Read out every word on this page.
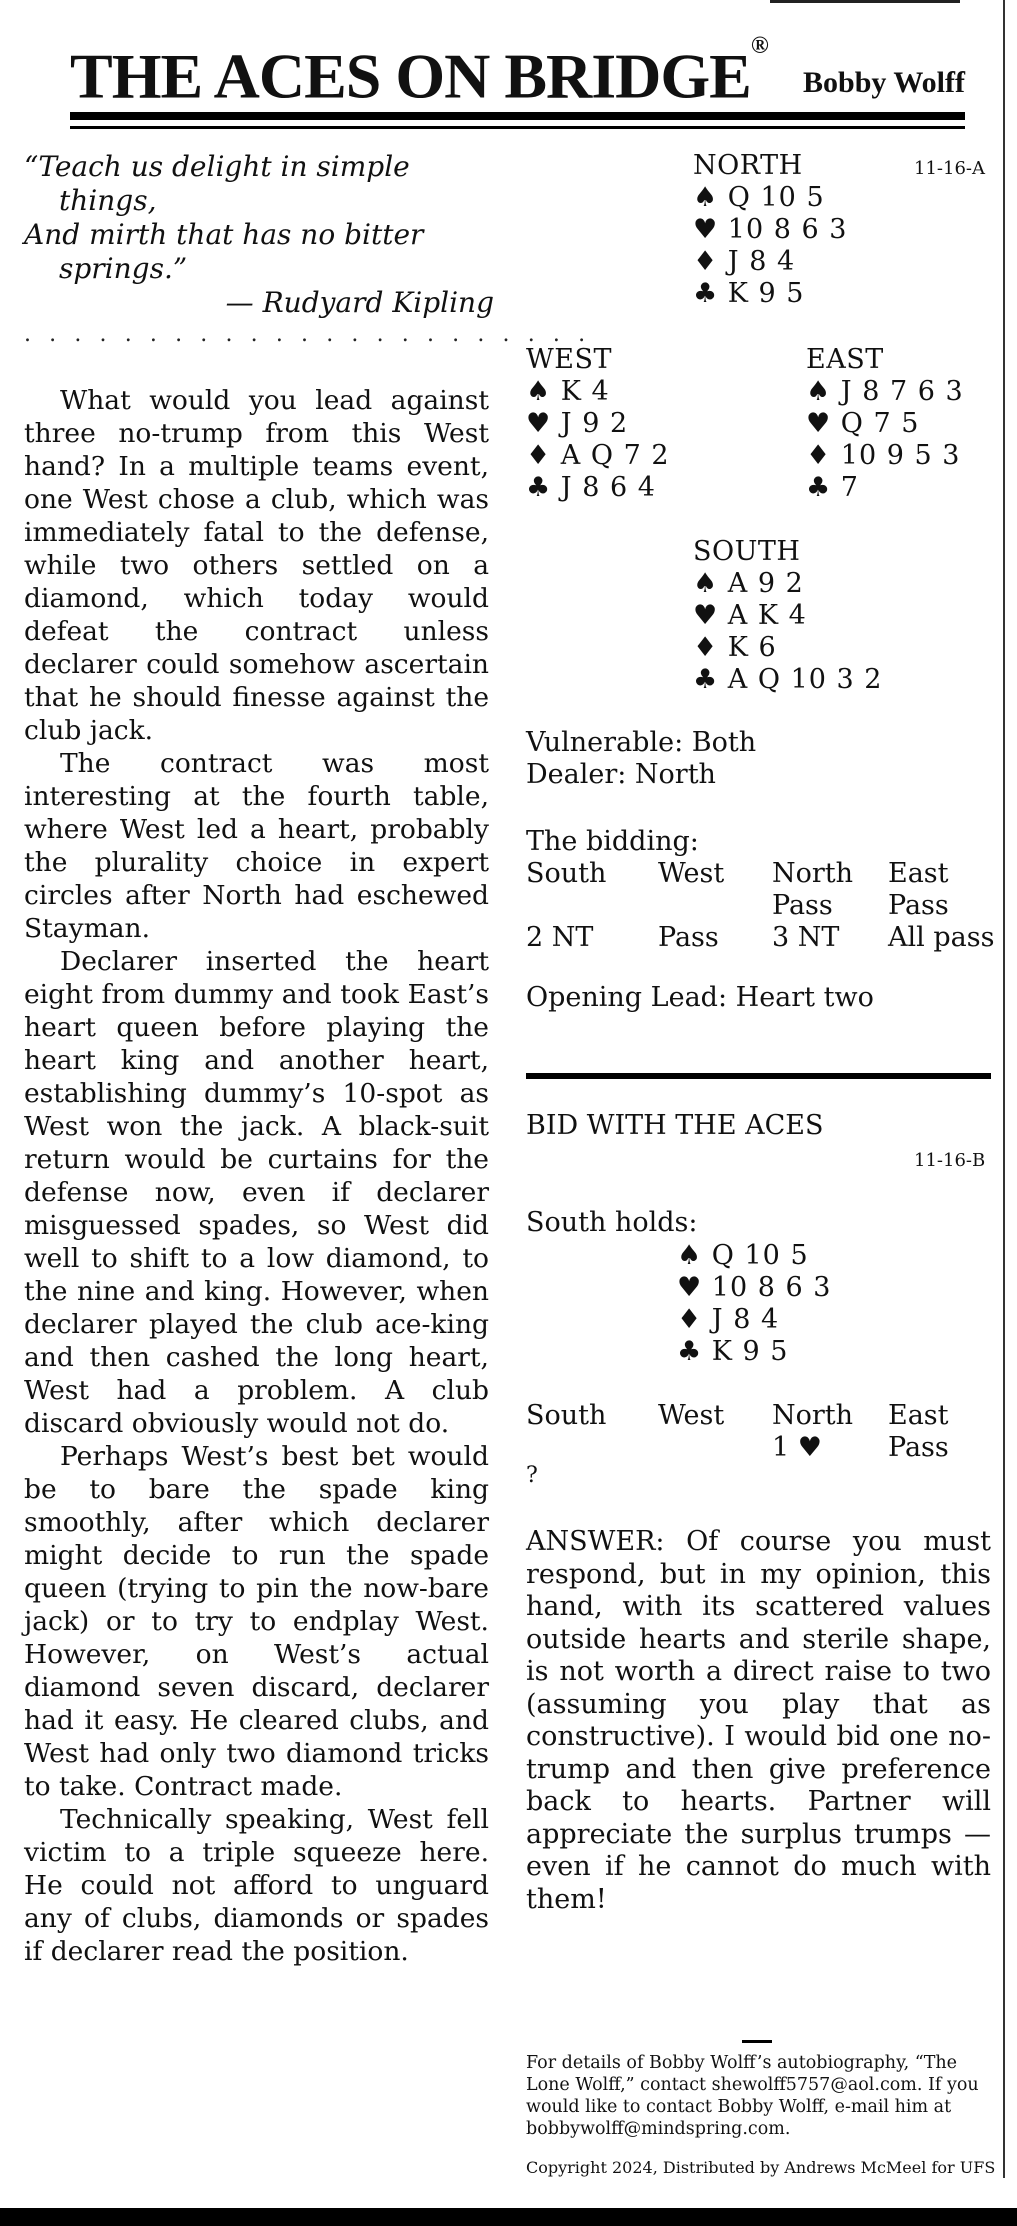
THE ACES ON BRIDGE®
Bobby Wolff
“Teach us delight in simple
things,
And mirth that has no bitter
springs.”
— Rudyard Kipling
. . . . . . . . . . . . . . . . . . . . . . .

What would you lead against three no-trump from this West hand? In a multiple teams event, one West chose a club, which was immediately fatal to the defense, while two others settled on a diamond, which today would defeat the contract unless declarer could somehow ascertain that he should finesse against the club jack.

The contract was most interesting at the fourth table, where West led a heart, probably the plurality choice in expert circles after North had eschewed Stayman.

Declarer inserted the heart eight from dummy and took East’s heart queen before playing the heart king and another heart, establishing dummy’s 10-spot as West won the jack. A black-suit return would be curtains for the defense now, even if declarer misguessed spades, so West did well to shift to a low diamond, to the nine and king. However, when declarer played the club ace-king and then cashed the long heart, West had a problem. A club discard obviously would not do.

Perhaps West’s best bet would be to bare the spade king smoothly, after which declarer might decide to run the spade queen (trying to pin the now-bare jack) or to try to endplay West. However, on West’s actual diamond seven discard, declarer had it easy. He cleared clubs, and West had only two diamond tricks to take. Contract made.

Technically speaking, West fell victim to a triple squeeze here. He could not afford to unguard any of clubs, diamonds or spades if declarer read the position.

11-16-A
NORTH
♠ Q 10 5
♥ 10 8 6 3
♦ J 8 4
♣ K 9 5
WEST
♠ K 4
♥ J 9 2
♦ A Q 7 2
♣ J 8 6 4
EAST
♠ J 8 7 6 3
♥ Q 7 5
♦ 10 9 5 3
♣ 7
SOUTH
♠ A 9 2
♥ A K 4
♦ K 6
♣ A Q 10 3 2
Vulnerable: Both
Dealer: North
The bidding:
South West North East
Pass Pass
2 NT Pass 3 NT All pass
Opening Lead: Heart two
BID WITH THE ACES
11-16-B
South holds:
♠ Q 10 5
♥ 10 8 6 3
♦ J 8 4
♣ K 9 5
South West North East
1 ♥ Pass
?
ANSWER: Of course you must respond, but in my opinion, this hand, with its scattered values outside hearts and sterile shape, is not worth a direct raise to two (assuming you play that as constructive). I would bid one no-trump and then give preference back to hearts. Partner will appreciate the surplus trumps — even if he cannot do much with them!
For details of Bobby Wolff’s autobiography, “The Lone Wolff,” contact shewolff5757@aol.com. If you would like to contact Bobby Wolff, e-mail him at bobbywolff@mindspring.com.
Copyright 2024, Distributed by Andrews McMeel for UFS
